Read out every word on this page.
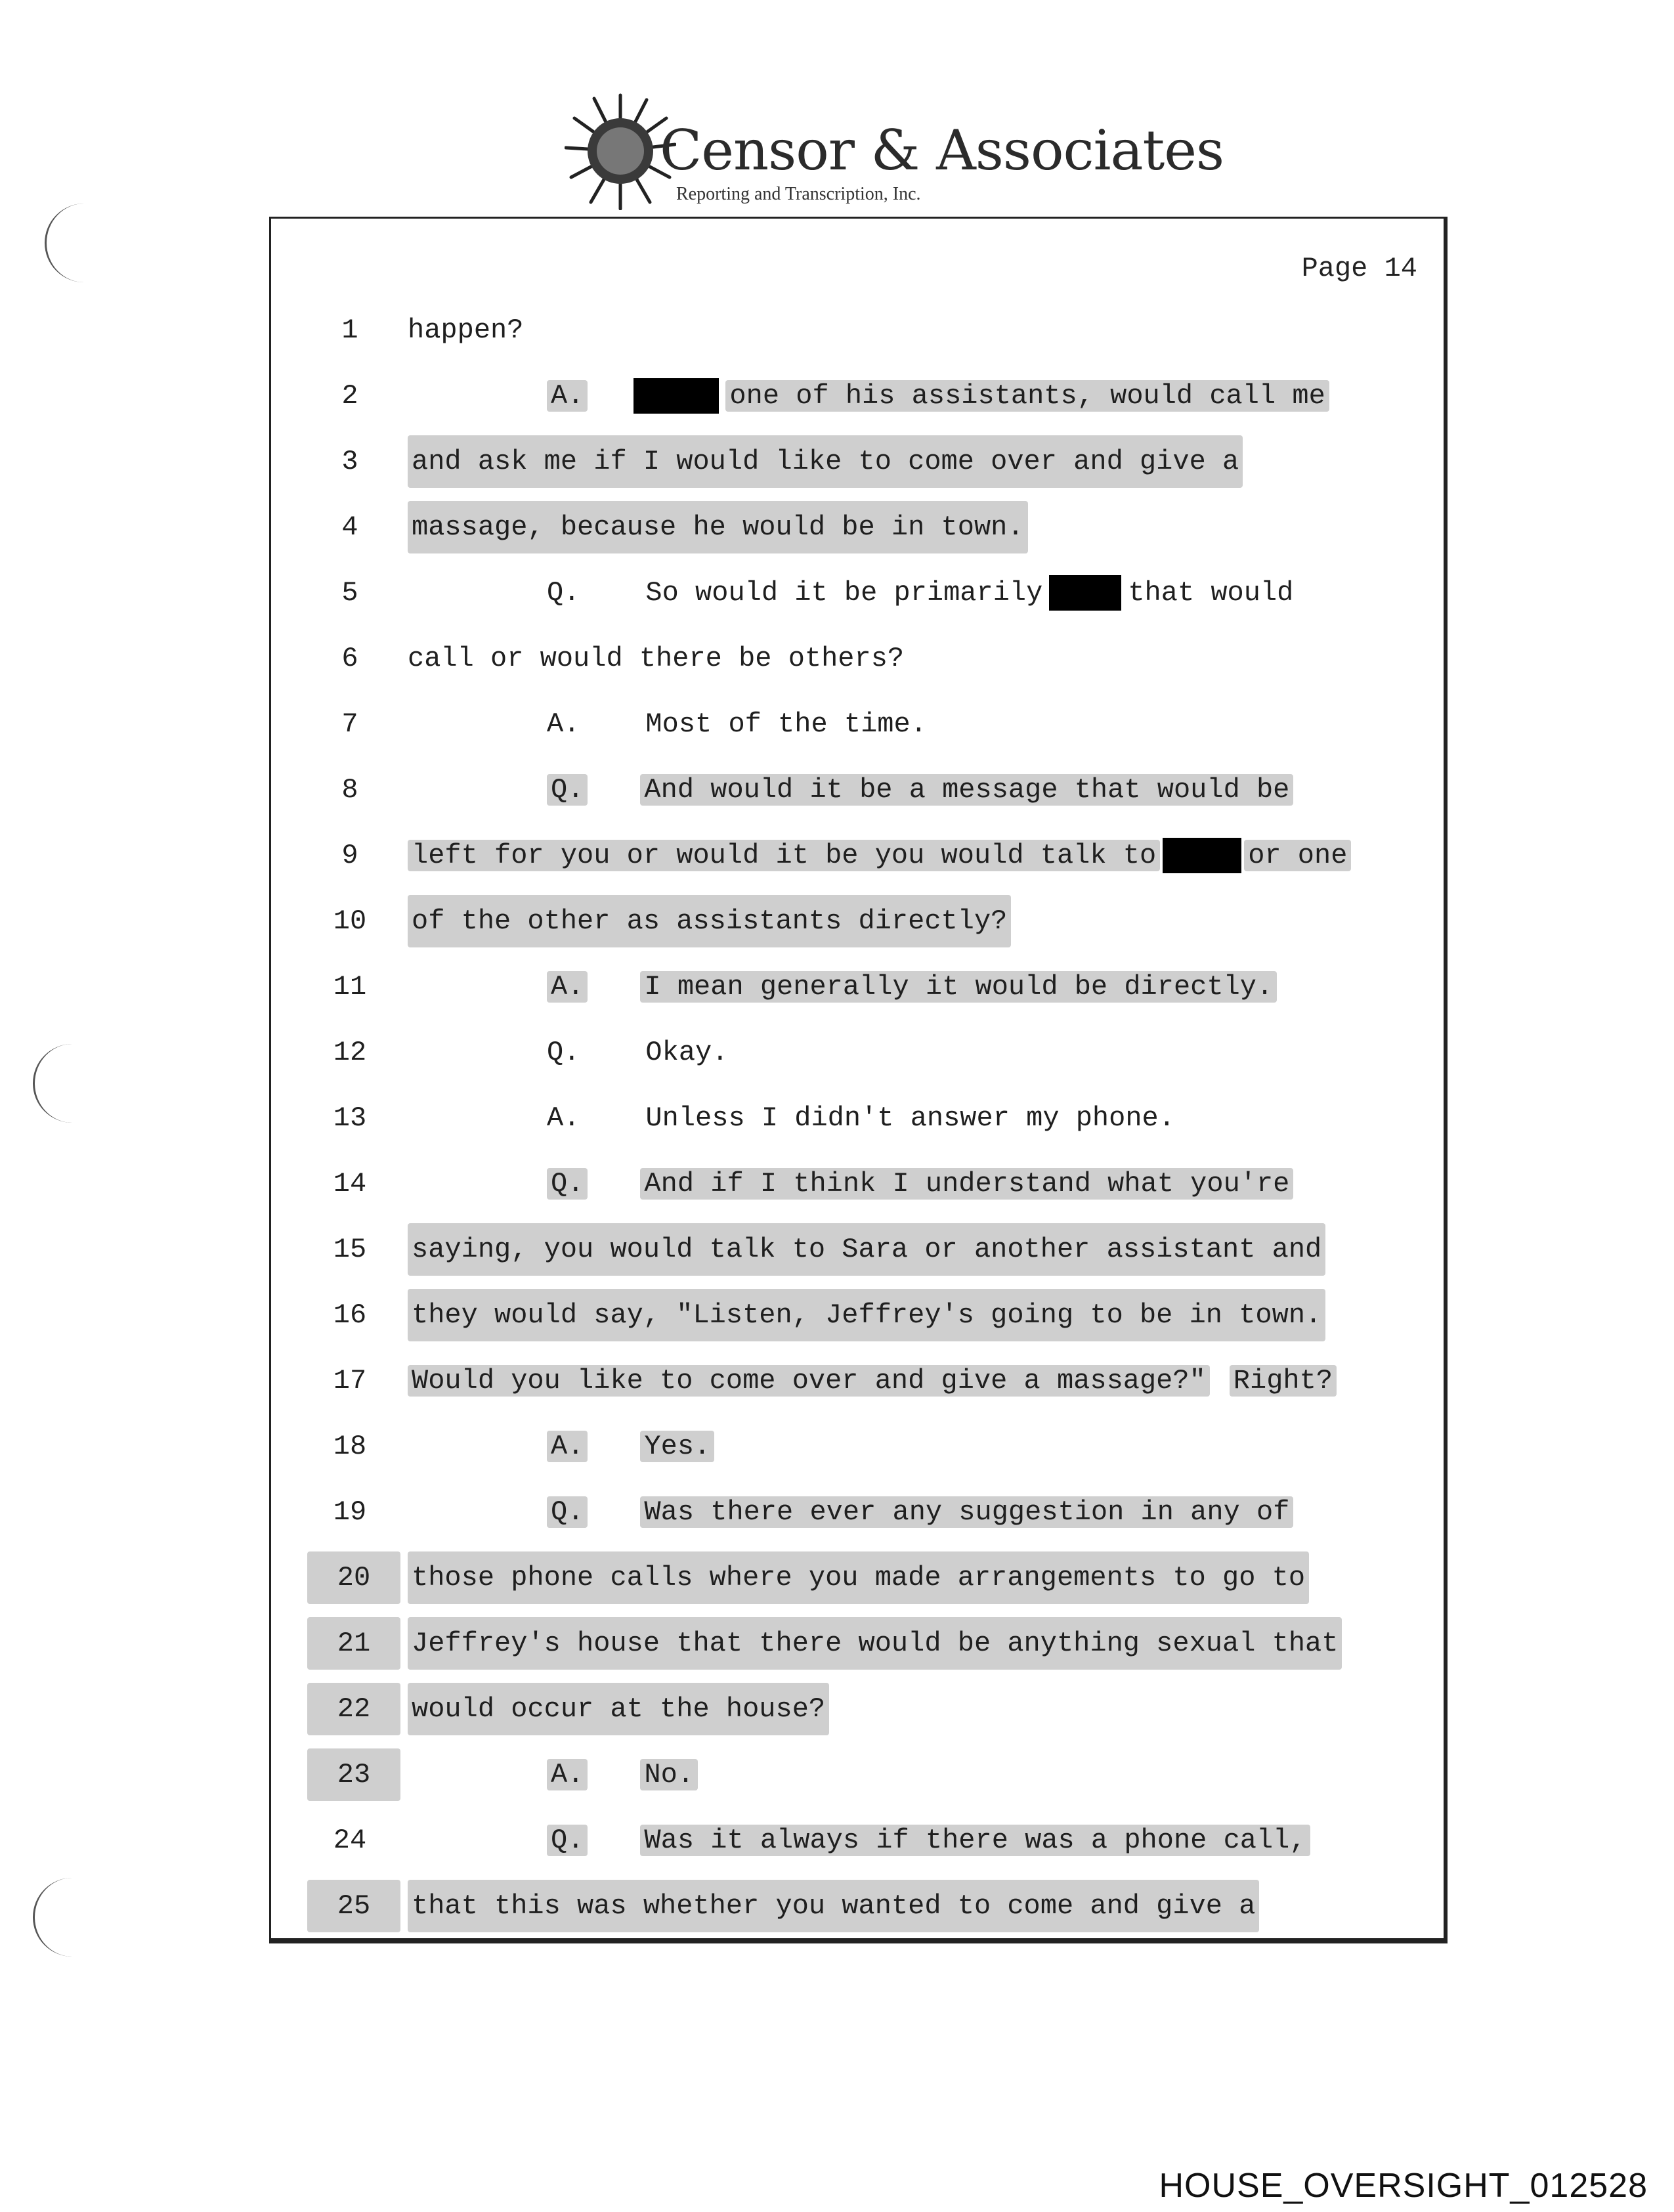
Censor & Associates
Reporting and Transcription, Inc.
Page 14
1	happen?
2	A.	one of his assistants, would call me
3	and ask me if I would like to come over and give a
4	massage, because he would be in town.
5	Q. So would it be primarily	that would
6	call or would there be others?
7	A. Most of the time.
8	Q. And would it be a message that would be
9	left for you or would it be you would talk to	or one
10	of the other as assistants directly?
11	A. I mean generally it would be directly.
12	Q. Okay.
13	A. Unless I didn't answer my phone.
14	Q. And if I think I understand what you're
15	saying, you would talk to Sara or another assistant and
16	they would say, "Listen, Jeffrey's going to be in town.
17	Would you like to come over and give a massage?" Right?
18	A. Yes.
19	Q. Was there ever any suggestion in any of
20	those phone calls where you made arrangements to go to
21	Jeffrey's house that there would be anything sexual that
22	would occur at the house?
23	A. No.
24	Q. Was it always if there was a phone call,
25	that this was whether you wanted to come and give a
HOUSE_OVERSIGHT_012528
